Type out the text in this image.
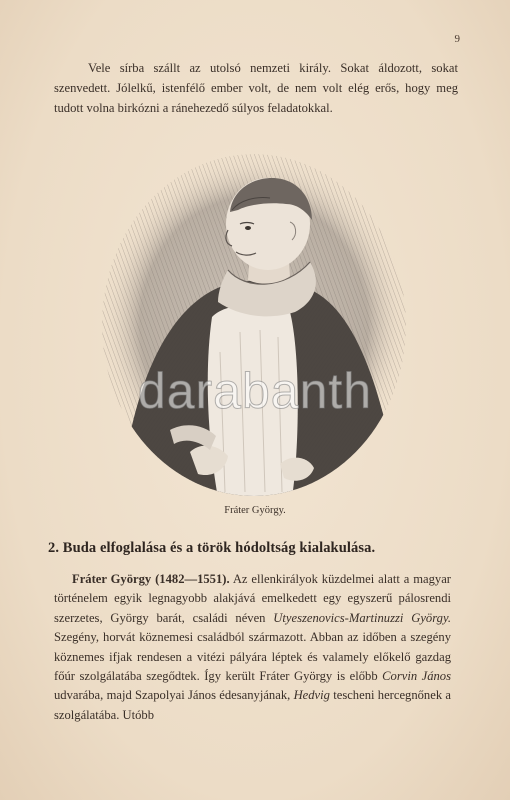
9

Vele sírba szállt az utolsó nemzeti király. Sokat áldozott, sokat szenvedett. Jólelkű, istenfélő ember volt, de nem volt elég erős, hogy meg tudott volna birkózni a ránehezedő súlyos feladatokkal.

darabanth
Fráter György.
2. Buda elfoglalása és a török hódoltság kialakulása.

Fráter György (1482—1551). Az ellenkirályok küzdelmei alatt a magyar történelem egyik legnagyobb alakjává emelkedett egy egyszerű pálosrendi szerzetes, György barát, családi néven Utyeszenovics-Martinuzzi György. Szegény, horvát köznemesi családból származott. Abban az időben a szegény köznemes ifjak rendesen a vitézi pályára léptek és valamely előkelő gazdag főúr szolgálatába szegődtek. Így került Fráter György is előbb Corvin János udvarába, majd Szapolyai János édesanyjának, Hedvig tescheni hercegnőnek a szolgálatába. Utóbb
